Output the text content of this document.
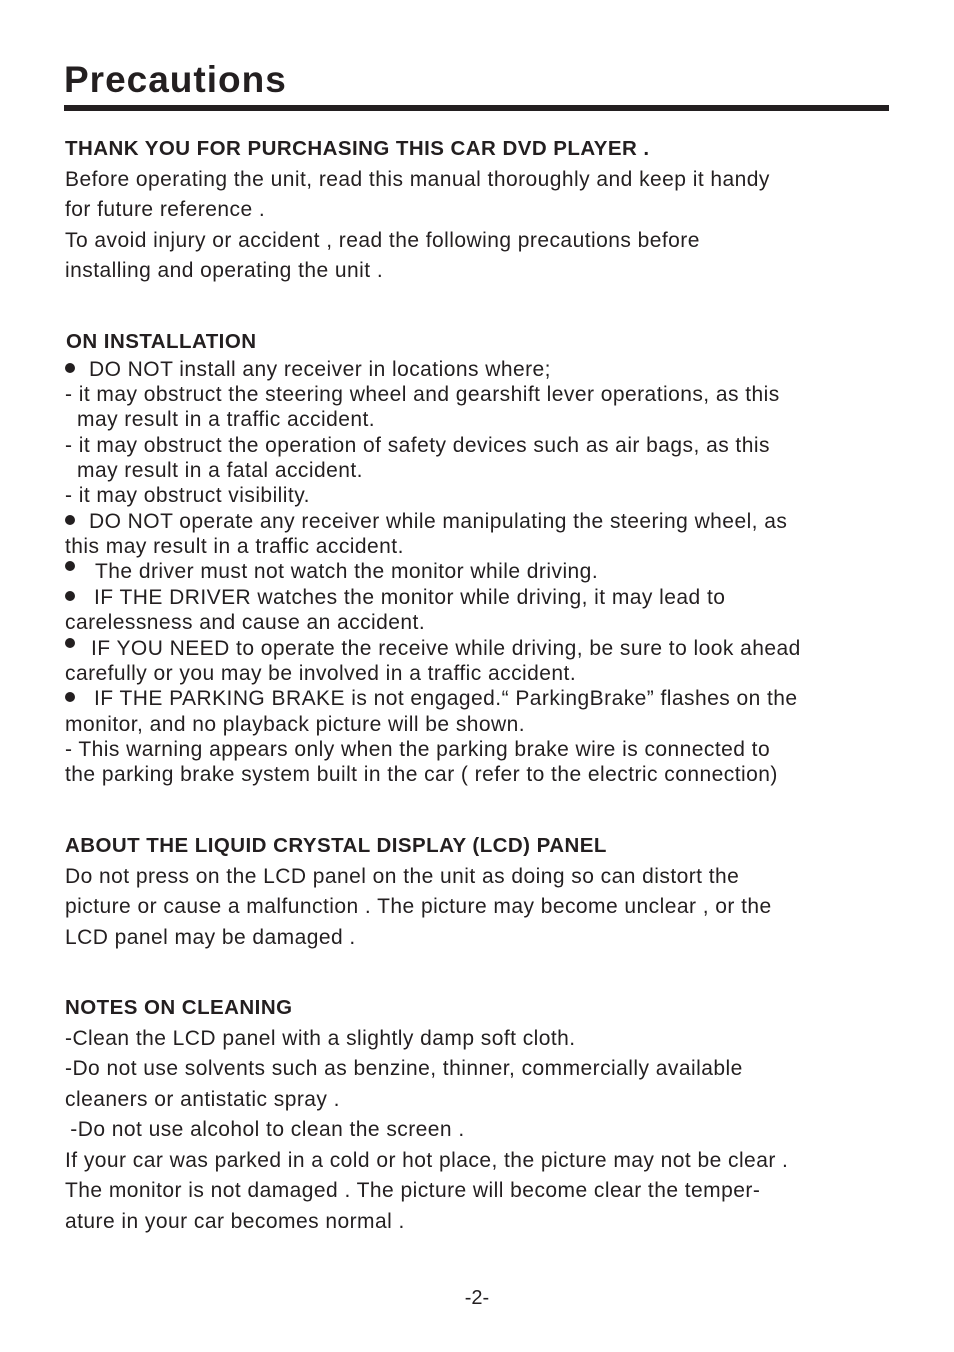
Precautions
THANK YOU FOR PURCHASING THIS CAR DVD PLAYER .
Before operating the unit, read this manual thoroughly and keep it handy
for future reference .
To avoid injury or accident , read the following precautions before
installing and operating the unit .
ON INSTALLATION
DO NOT install any receiver in locations where;
- it may obstruct the steering wheel and gearshift lever operations, as this
may result in a traffic accident.
- it may obstruct the operation of safety devices such as air bags, as this
may result in a fatal accident.
- it may obstruct visibility.
DO NOT operate any receiver while manipulating the steering wheel, as
this may result in a traffic accident.
The driver must not watch the monitor while driving.
IF THE DRIVER watches the monitor while driving, it may lead to
carelessness and cause an accident.
IF YOU NEED to operate the receive while driving, be sure to look ahead
carefully or you may be involved in a traffic accident.
IF THE PARKING BRAKE is not engaged.“ ParkingBrake” flashes on the
monitor, and no playback picture will be shown.
- This warning appears only when the parking brake wire is connected to
the parking brake system built in the car ( refer to the electric connection)
ABOUT THE LIQUID CRYSTAL DISPLAY (LCD) PANEL
Do not press on the LCD panel on the unit as doing so can distort the
picture or cause a malfunction . The picture may become unclear , or the
LCD panel may be damaged .
NOTES ON CLEANING
-Clean the LCD panel with a slightly damp soft cloth.
-Do not use solvents such as benzine, thinner, commercially available
cleaners or antistatic spray .
-Do not use alcohol to clean the screen .
If your car was parked in a cold or hot place, the picture may not be clear .
The monitor is not damaged . The picture will become clear the temper-
ature in your car becomes normal .
-2-
